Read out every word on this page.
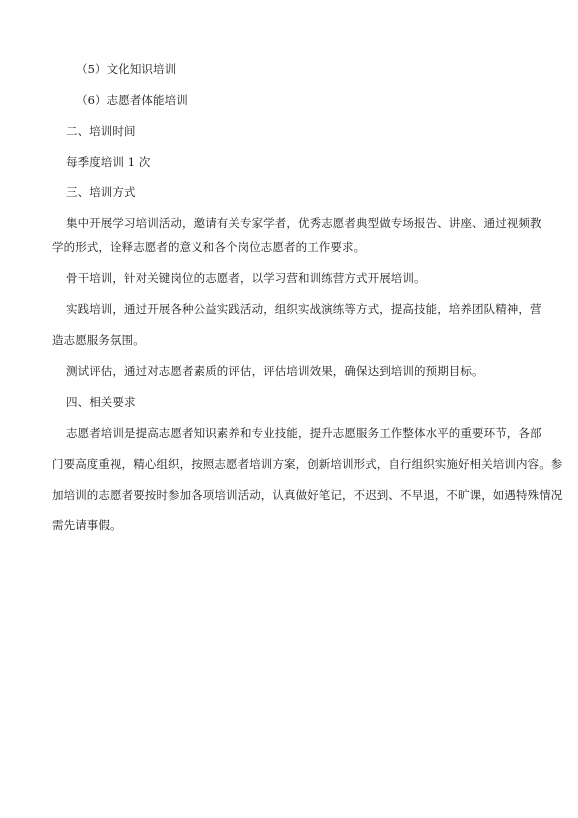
（5）文化知识培训
（6）志愿者体能培训
二、培训时间
每季度培训 1 次
三、培训方式
集中开展学习培训活动，邀请有关专家学者，优秀志愿者典型做专场报告、讲座、通过视频教
学的形式，诠释志愿者的意义和各个岗位志愿者的工作要求。
骨干培训，针对关键岗位的志愿者，以学习营和训练营方式开展培训。
实践培训，通过开展各种公益实践活动，组织实战演练等方式，提高技能，培养团队精神，营
造志愿服务氛围。
测试评估，通过对志愿者素质的评估，评估培训效果，确保达到培训的预期目标。
四、相关要求
志愿者培训是提高志愿者知识素养和专业技能，提升志愿服务工作整体水平的重要环节，各部
门要高度重视，精心组织，按照志愿者培训方案，创新培训形式，自行组织实施好相关培训内容。参
加培训的志愿者要按时参加各项培训活动，认真做好笔记，不迟到、不早退，不旷课，如遇特殊情况
需先请事假。
